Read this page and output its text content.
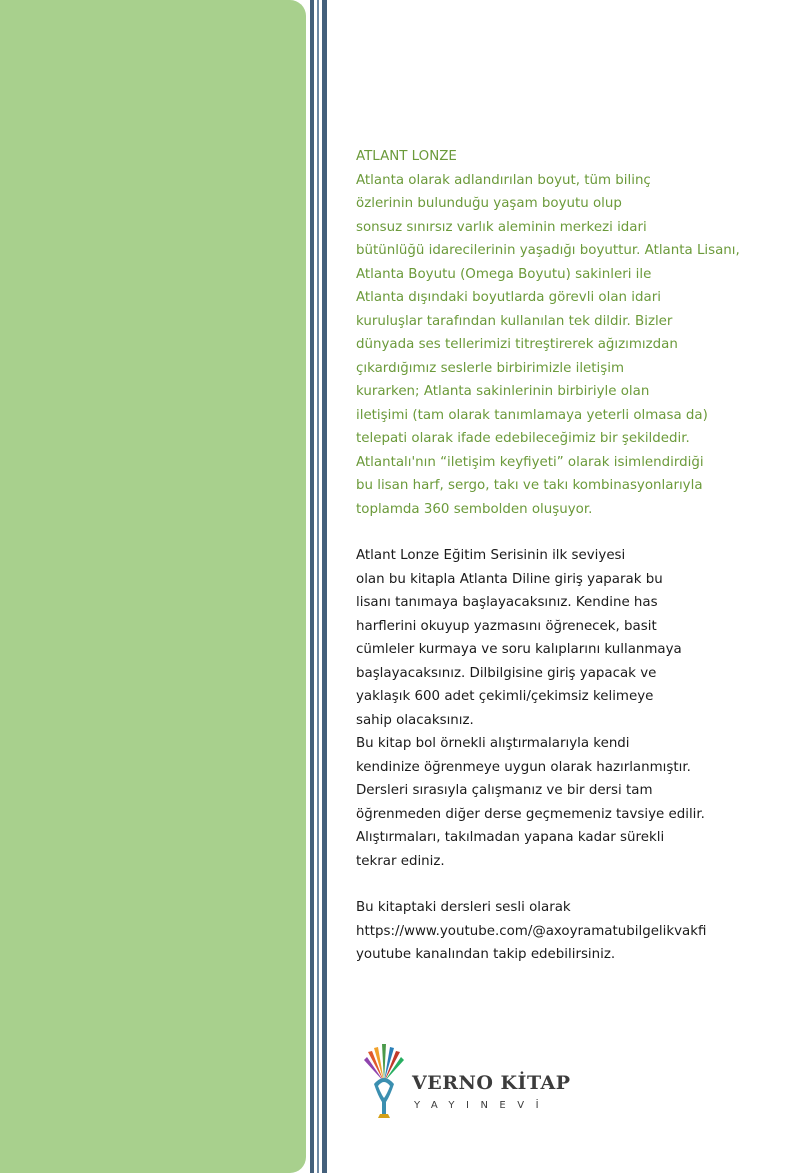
ATLANT LONZE

Atlanta olarak adlandırılan boyut, tüm bilinç

özlerinin bulunduğu yaşam boyutu olup

sonsuz sınırsız varlık aleminin merkezi idari

bütünlüğü idarecilerinin yaşadığı boyuttur. Atlanta Lisanı,

Atlanta Boyutu (Omega Boyutu) sakinleri ile

Atlanta dışındaki boyutlarda görevli olan idari

kuruluşlar tarafından kullanılan tek dildir. Bizler

dünyada ses tellerimizi titreştirerek ağızımızdan

çıkardığımız seslerle birbirimizle iletişim

kurarken; Atlanta sakinlerinin birbiriyle olan

iletişimi (tam olarak tanımlamaya yeterli olmasa da)

telepati olarak ifade edebileceğimiz bir şekildedir.

Atlantalı'nın “iletişim keyfiyeti” olarak isimlendirdiği

bu lisan harf, sergo, takı ve takı kombinasyonlarıyla

toplamda 360 sembolden oluşuyor.

Atlant Lonze Eğitim Serisinin ilk seviyesi

olan bu kitapla Atlanta Diline giriş yaparak bu

lisanı tanımaya başlayacaksınız. Kendine has

harflerini okuyup yazmasını öğrenecek, basit

cümleler kurmaya ve soru kalıplarını kullanmaya

başlayacaksınız. Dilbilgisine giriş yapacak ve

yaklaşık 600 adet çekimli/çekimsiz kelimeye

sahip olacaksınız.

Bu kitap bol örnekli alıştırmalarıyla kendi

kendinize öğrenmeye uygun olarak hazırlanmıştır.

Dersleri sırasıyla çalışmanız ve bir dersi tam

öğrenmeden diğer derse geçmemeniz tavsiye edilir.

Alıştırmaları, takılmadan yapana kadar sürekli

tekrar ediniz.

Bu kitaptaki dersleri sesli olarak

https://www.youtube.com/@axoyramatubilgelikvakfi

youtube kanalından takip edebilirsiniz.

VERNO KİTAP
YAYINEVİ
